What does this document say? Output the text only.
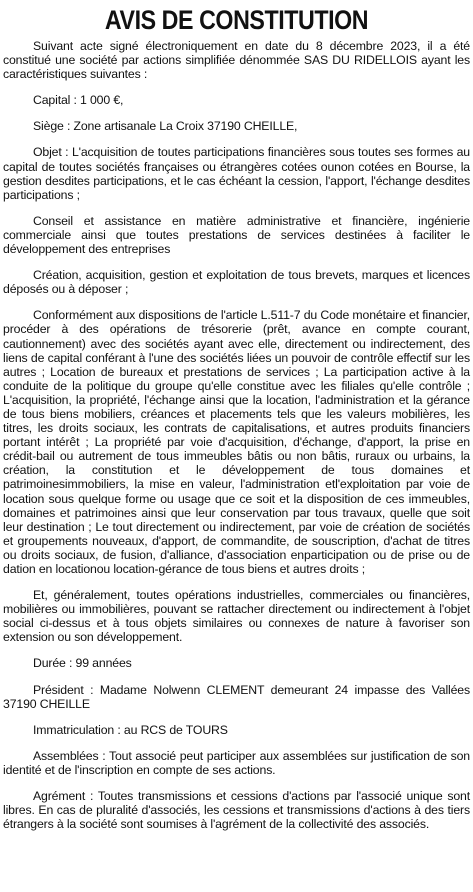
AVIS DE CONSTITUTION

Suivant acte signé électroniquement en date du 8 décembre 2023, il a été constitué une société par actions simplifiée dénommée SAS DU RIDELLOIS ayant les caractéristiques suivantes :

Capital : 1 000 €,

Siège : Zone artisanale La Croix 37190 CHEILLE,

Objet : L'acquisition de toutes participations financières sous toutes ses formes au capital de toutes sociétés françaises ou étrangères cotées ounon cotées en Bourse, la gestion desdites participations, et le cas échéant la cession, l'apport, l'échange desdites participations ;

Conseil et assistance en matière administrative et financière, ingénierie commerciale ainsi que toutes prestations de services destinées à faciliter le développement des entreprises

Création, acquisition, gestion et exploitation de tous brevets, marques et licences déposés ou à déposer ;

Conformément aux dispositions de l'article L.511-7 du Code monétaire et financier, procéder à des opérations de trésorerie (prêt, avance en compte courant, cautionnement) avec des sociétés ayant avec elle, directement ou indirectement, des liens de capital conférant à l'une des sociétés liées un pouvoir de contrôle effectif sur les autres ; Location de bureaux et prestations de services ; La participation active à la conduite de la politique du groupe qu'elle constitue avec les filiales qu'elle contrôle ; L'acquisition, la propriété, l'échange ainsi que la location, l'administration et la gérance de tous biens mobiliers, créances et placements tels que les valeurs mobilières, les titres, les droits sociaux, les contrats de capitalisations, et autres produits financiers portant intérêt ; La propriété par voie d'acquisition, d'échange, d'apport, la prise en crédit-bail ou autrement de tous immeubles bâtis ou non bâtis, ruraux ou urbains, la création, la constitution et le développement de tous domaines et patrimoinesimmobiliers, la mise en valeur, l'administration etl'exploitation par voie de location sous quelque forme ou usage que ce soit et la disposition de ces immeubles, domaines et patrimoines ainsi que leur conservation par tous travaux, quelle que soit leur destination ; Le tout directement ou indirectement, par voie de création de sociétés et groupements nouveaux, d'apport, de commandite, de souscription, d'achat de titres ou droits sociaux, de fusion, d'alliance, d'association enparticipation ou de prise ou de dation en locationou location-gérance de tous biens et autres droits ;

Et, généralement, toutes opérations industrielles, commerciales ou financières, mobilières ou immobilières, pouvant se rattacher directement ou indirectement à l'objet social ci-dessus et à tous objets similaires ou connexes de nature à favoriser son extension ou son développement.

Durée : 99 années

Président : Madame Nolwenn CLEMENT demeurant 24 impasse des Vallées 37190 CHEILLE

Immatriculation : au RCS de TOURS

Assemblées : Tout associé peut participer aux assemblées sur justification de son identité et de l'inscription en compte de ses actions.

Agrément : Toutes transmissions et cessions d'actions par l'associé unique sont libres. En cas de pluralité d'associés, les cessions et transmissions d'actions à des tiers étrangers à la société sont soumises à l'agrément de la collectivité des associés.
